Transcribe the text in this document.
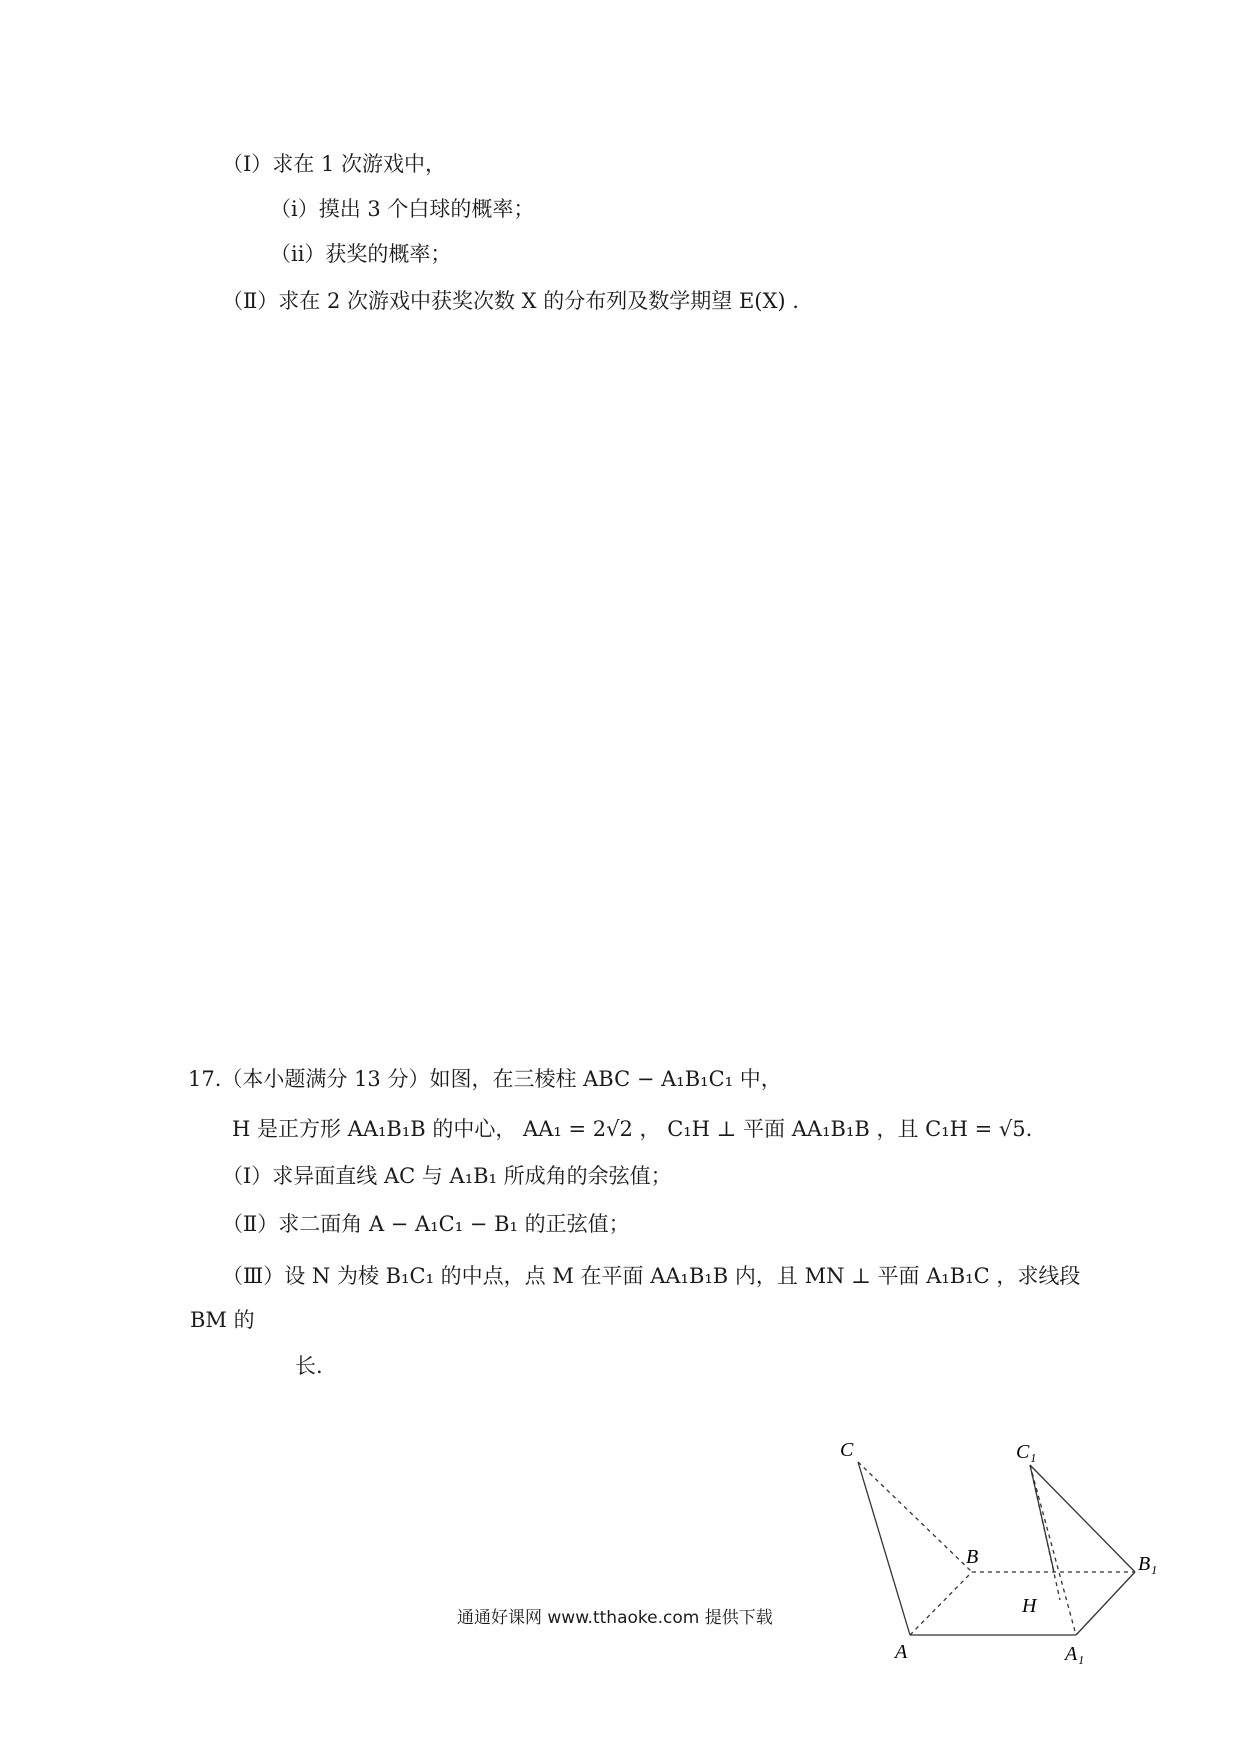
（Ⅰ）求在 1 次游戏中，
（i）摸出 3 个白球的概率；
（ii）获奖的概率；
（Ⅱ）求在 2 次游戏中获奖次数 X 的分布列及数学期望 E(X) .
17.（本小题满分 13 分）如图，在三棱柱 ABC − A₁B₁C₁ 中，
H 是正方形 AA₁B₁B 的中心， AA₁ = 2√2 ， C₁H ⊥ 平面 AA₁B₁B ，且 C₁H = √5.
（Ⅰ）求异面直线 AC 与 A₁B₁ 所成角的余弦值；
（Ⅱ）求二面角 A − A₁C₁ − B₁ 的正弦值；
（Ⅲ）设 N 为棱 B₁C₁ 的中点，点 M 在平面 AA₁B₁B 内，且 MN ⊥ 平面 A₁B₁C ，求线段
BM 的
长.
C	C₁
B	B₁
H
A	A₁
通通好课网 www.tthaoke.com 提供下载
